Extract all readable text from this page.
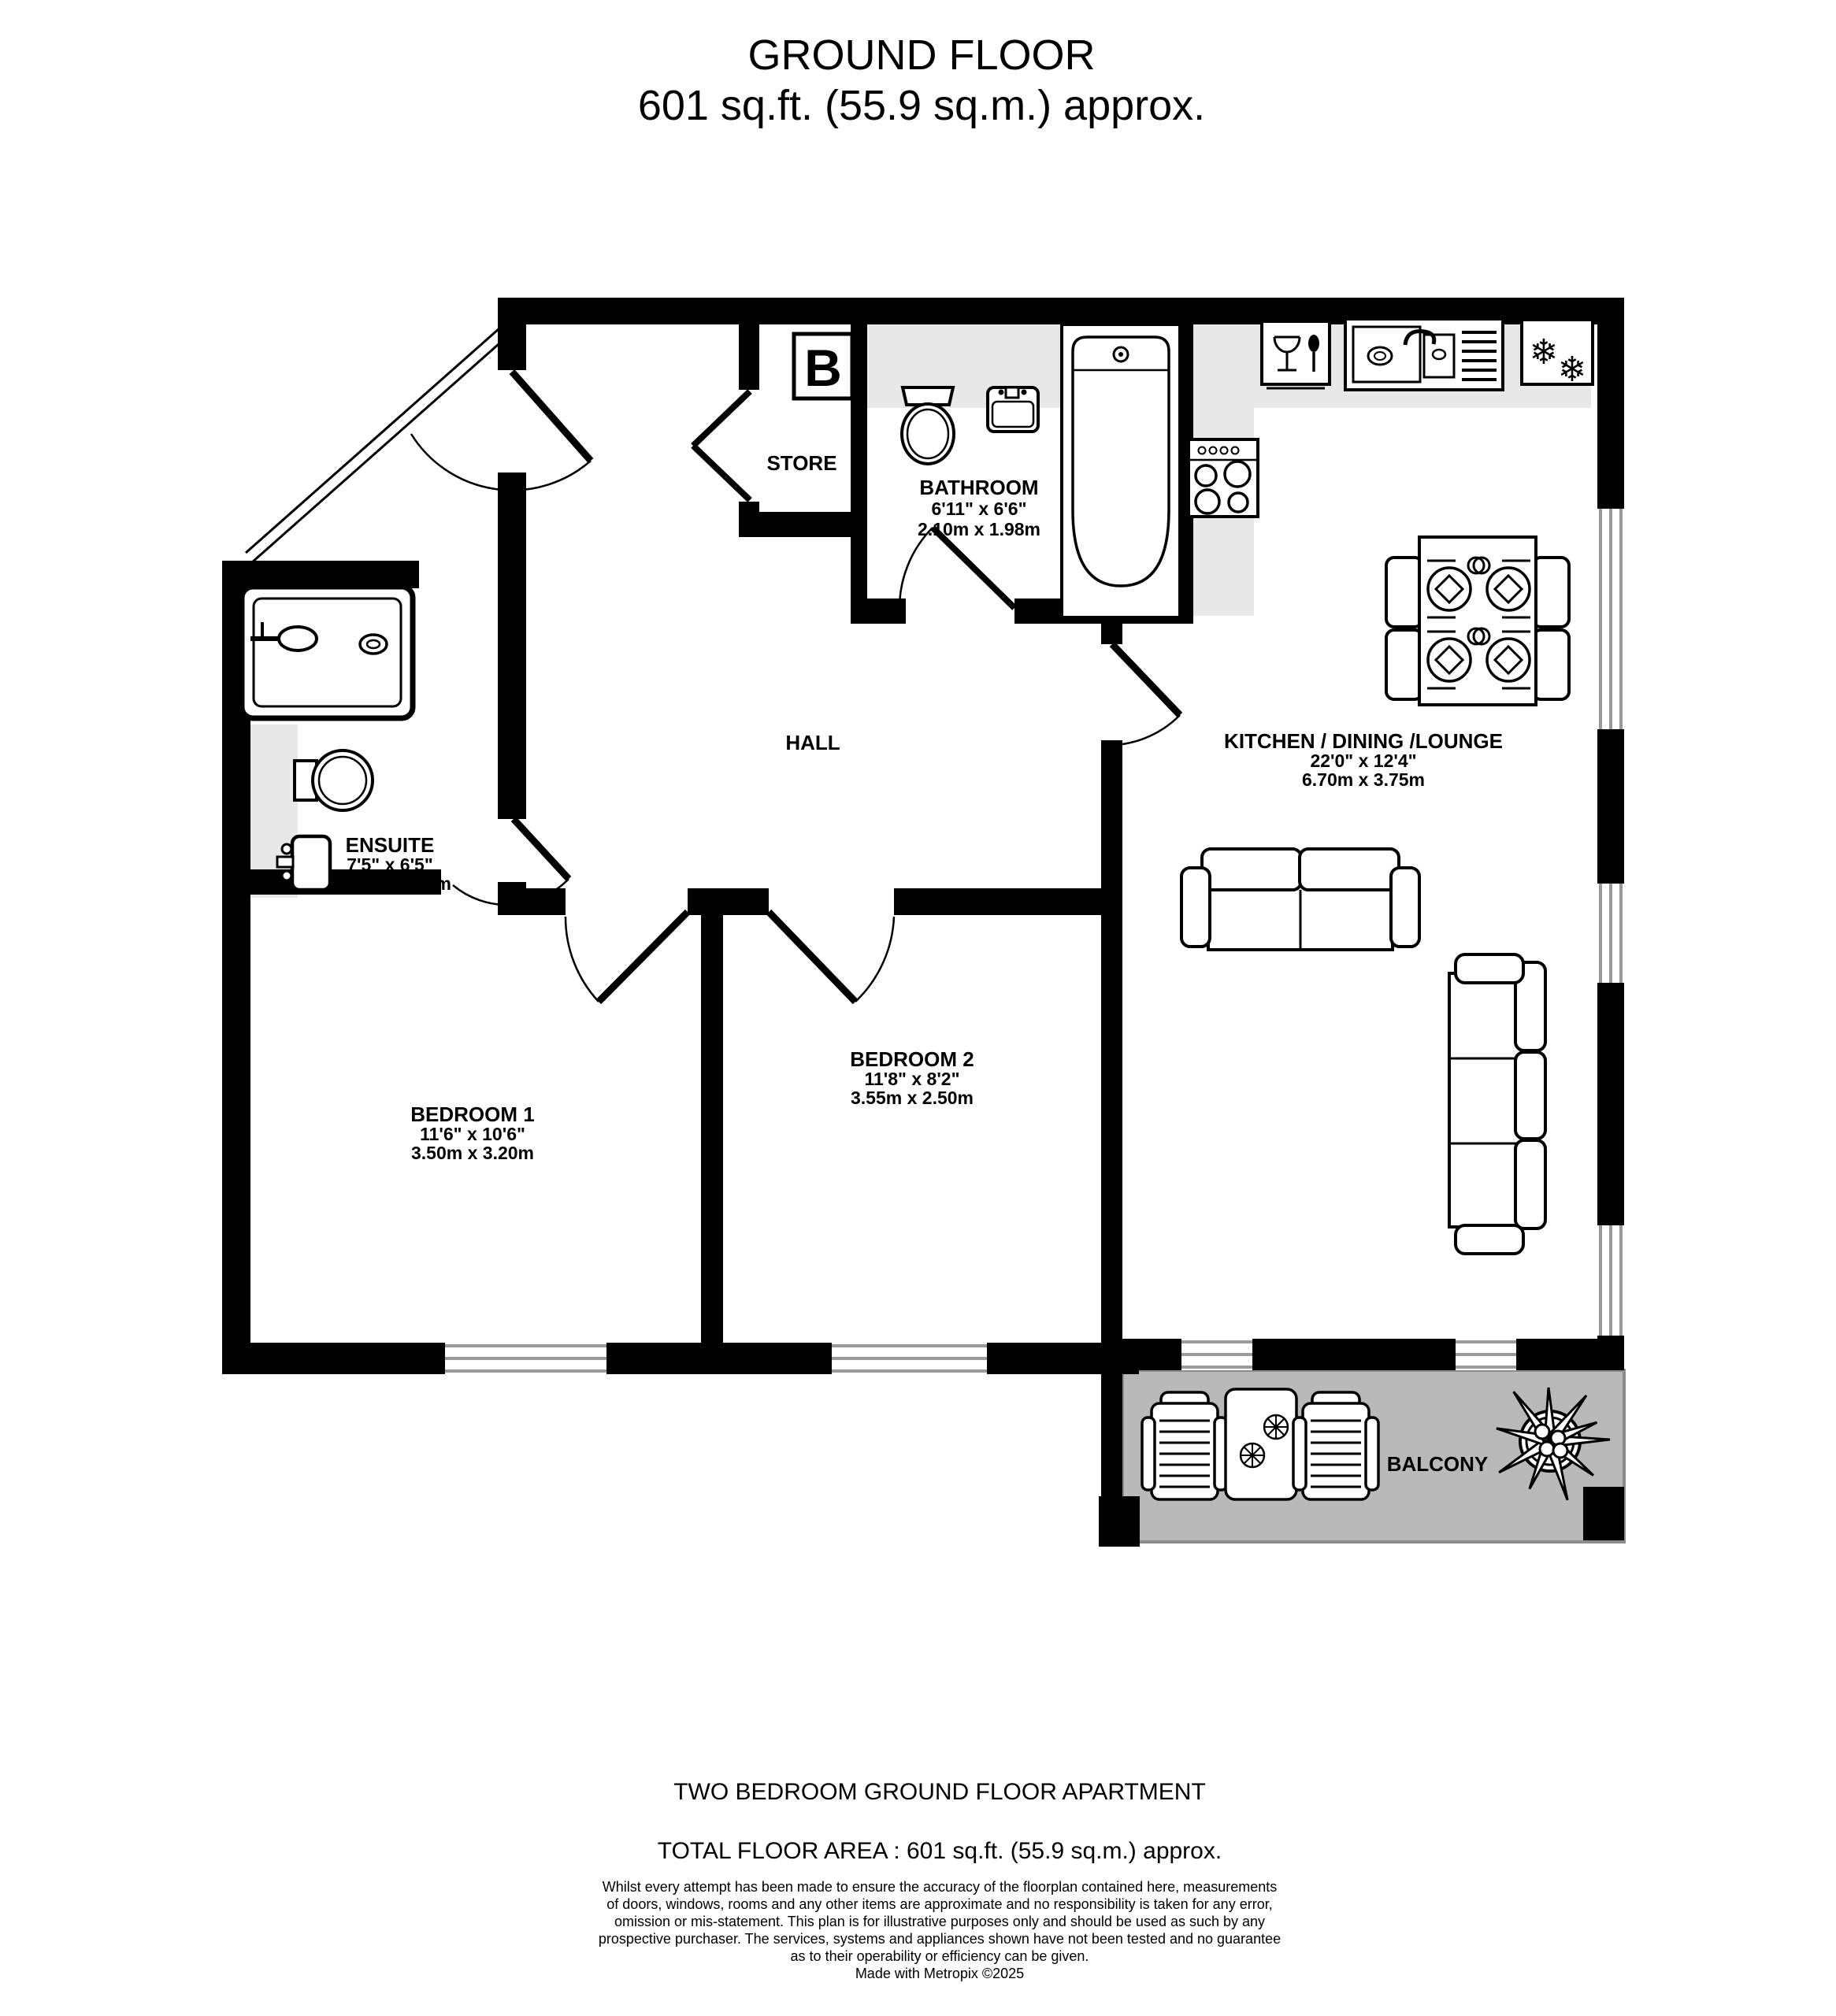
GROUND FLOOR
601 sq.ft. (55.9 sq.m.) approx.
BALCONY
B
BATHROOM
6'11" x 6'6"
2.10m x 1.98m
STORE
HALL
ENSUITE
7'5" x 6'5"
2.25m x 1.95m
BEDROOM 1
11'6" x 10'6"
3.50m x 3.20m
BEDROOM 2
11'8" x 8'2"
3.55m x 2.50m
❄ ❄
KITCHEN / DINING /LOUNGE
22'0" x 12'4"
6.70m x 3.75m
TWO BEDROOM GROUND FLOOR APARTMENT
TOTAL FLOOR AREA : 601 sq.ft. (55.9 sq.m.) approx.
Whilst every attempt has been made to ensure the accuracy of the floorplan contained here, measurements
of doors, windows, rooms and any other items are approximate and no responsibility is taken for any error,
omission or mis-statement. This plan is for illustrative purposes only and should be used as such by any
prospective purchaser. The services, systems and appliances shown have not been tested and no guarantee
as to their operability or efficiency can be given.
Made with Metropix ©2025
